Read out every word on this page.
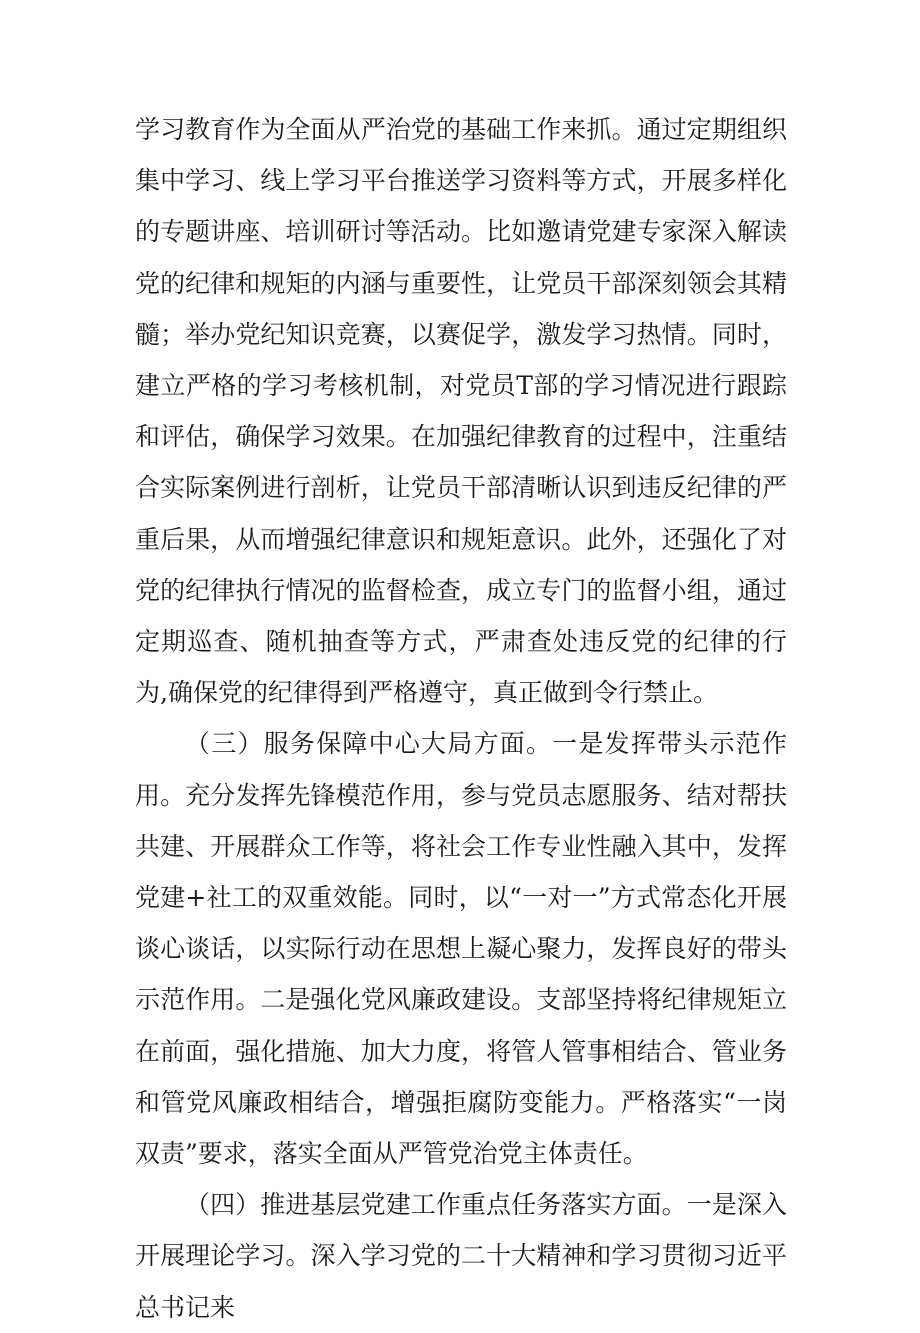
学习教育作为全面从严治党的基础工作来抓。通过定期组织集中学习、线上学习平台推送学习资料等方式，开展多样化的专题讲座、培训研讨等活动。比如邀请党建专家深入解读党的纪律和规矩的内涵与重要性，让党员干部深刻领会其精髓；举办党纪知识竞赛，以赛促学，激发学习热情。同时，建立严格的学习考核机制，对党员T部的学习情况进行跟踪和评估，确保学习效果。在加强纪律教育的过程中，注重结合实际案例进行剖析，让党员干部清晰认识到违反纪律的严重后果，从而增强纪律意识和规矩意识。此外，还强化了对党的纪律执行情况的监督检查，成立专门的监督小组，通过定期巡查、随机抽查等方式，严肃查处违反党的纪律的行为,确保党的纪律得到严格遵守，真正做到令行禁止。

（三）服务保障中心大局方面。一是发挥带头示范作用。充分发挥先锋模范作用，参与党员志愿服务、结对帮扶共建、开展群众工作等，将社会工作专业性融入其中，发挥党建+社工的双重效能。同时，以“一对一”方式常态化开展谈心谈话，以实际行动在思想上凝心聚力，发挥良好的带头示范作用。二是强化党风廉政建设。支部坚持将纪律规矩立在前面，强化措施、加大力度，将管人管事相结合、管业务和管党风廉政相结合，增强拒腐防变能力。严格落实“一岗双责”要求，落实全面从严管党治党主体责任。

（四）推进基层党建工作重点任务落实方面。一是深入开展理论学习。深入学习党的二十大精神和学习贯彻习近平总书记来
